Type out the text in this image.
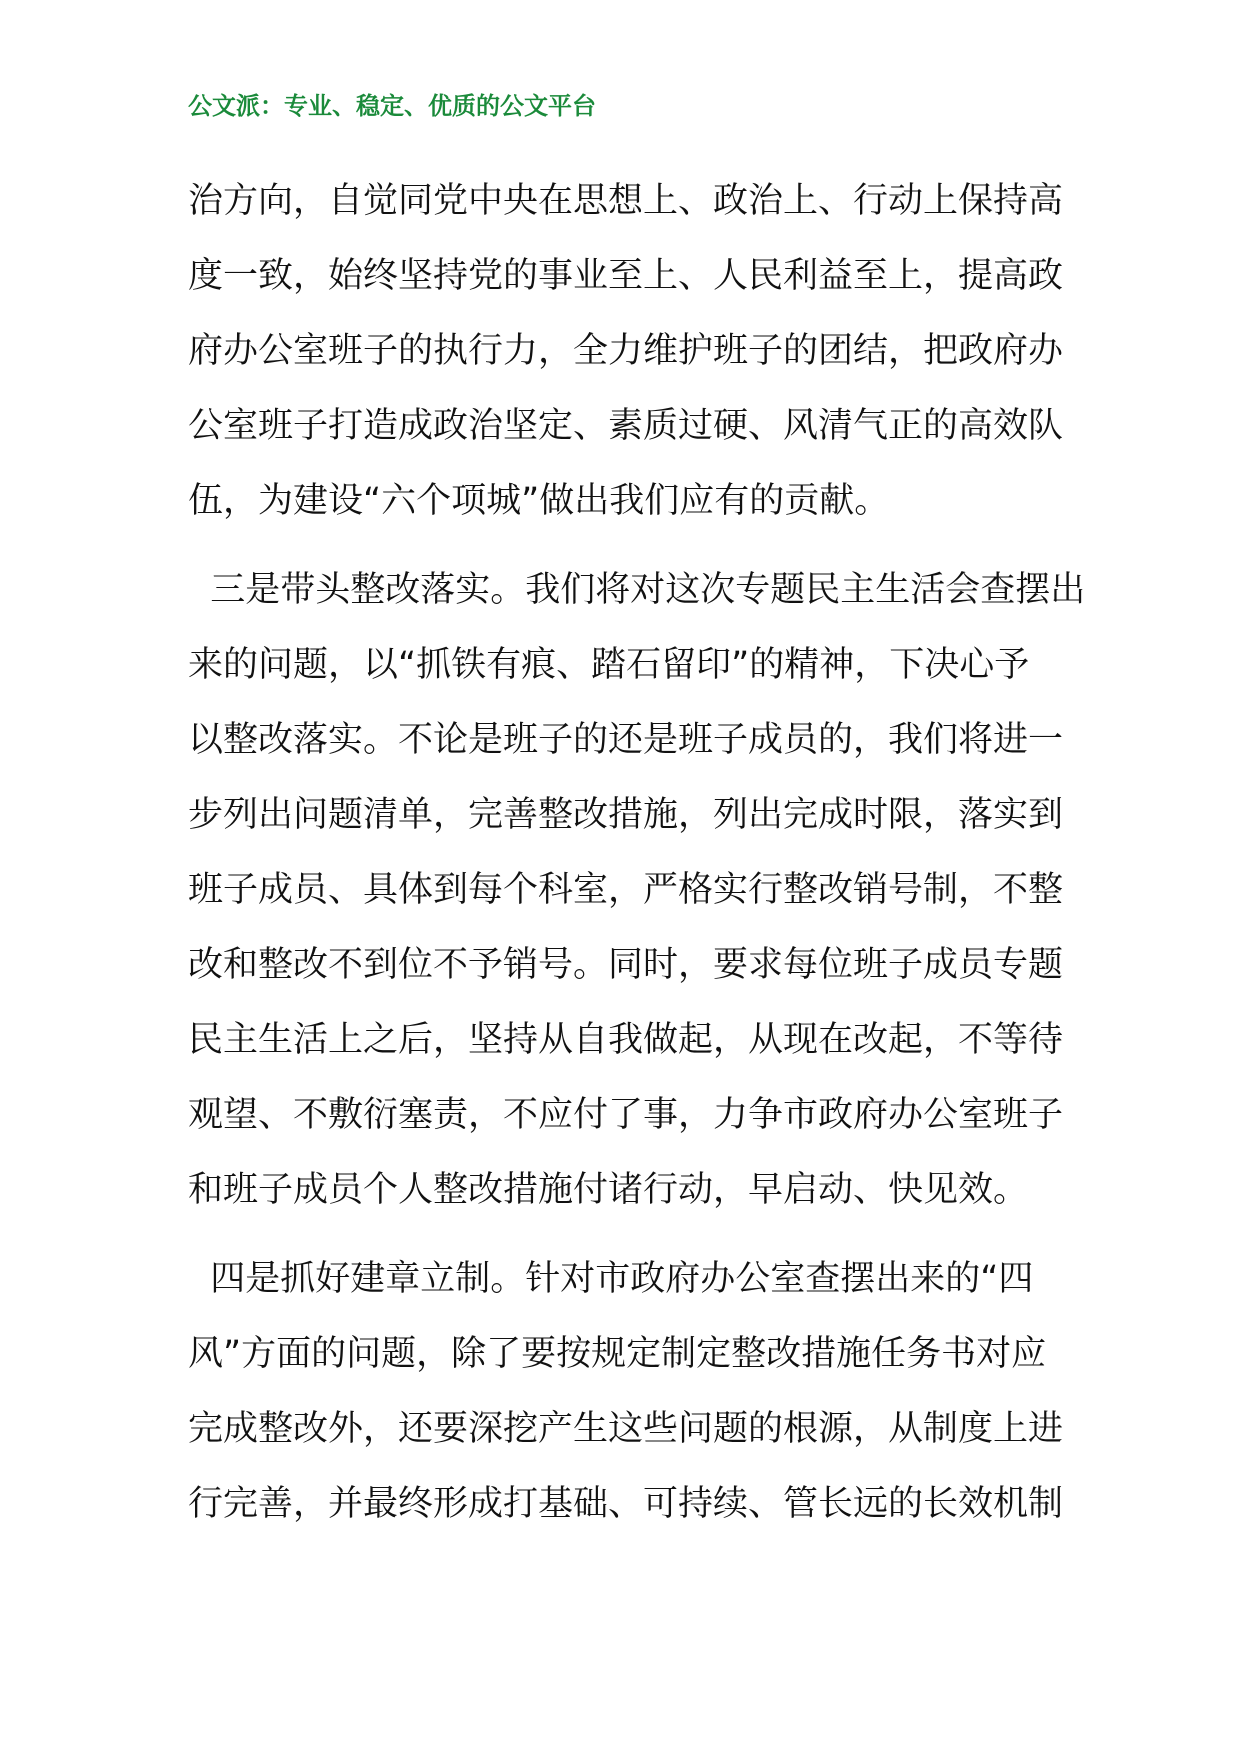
公文派：专业、稳定、优质的公文平台
治方向，自觉同党中央在思想上、政治上、行动上保持高
度一致，始终坚持党的事业至上、人民利益至上，提高政
府办公室班子的执行力，全力维护班子的团结，把政府办
公室班子打造成政治坚定、素质过硬、风清气正的高效队
伍，为建设“六个项城”做出我们应有的贡献。
三是带头整改落实。我们将对这次专题民主生活会查摆出
来的问题，以“抓铁有痕、踏石留印”的精神，下决心予
以整改落实。不论是班子的还是班子成员的，我们将进一
步列出问题清单，完善整改措施，列出完成时限，落实到
班子成员、具体到每个科室，严格实行整改销号制，不整
改和整改不到位不予销号。同时，要求每位班子成员专题
民主生活上之后，坚持从自我做起，从现在改起，不等待
观望、不敷衍塞责，不应付了事，力争市政府办公室班子
和班子成员个人整改措施付诸行动，早启动、快见效。
四是抓好建章立制。针对市政府办公室查摆出来的“四
风”方面的问题，除了要按规定制定整改措施任务书对应
完成整改外，还要深挖产生这些问题的根源，从制度上进
行完善，并最终形成打基础、可持续、管长远的长效机制
